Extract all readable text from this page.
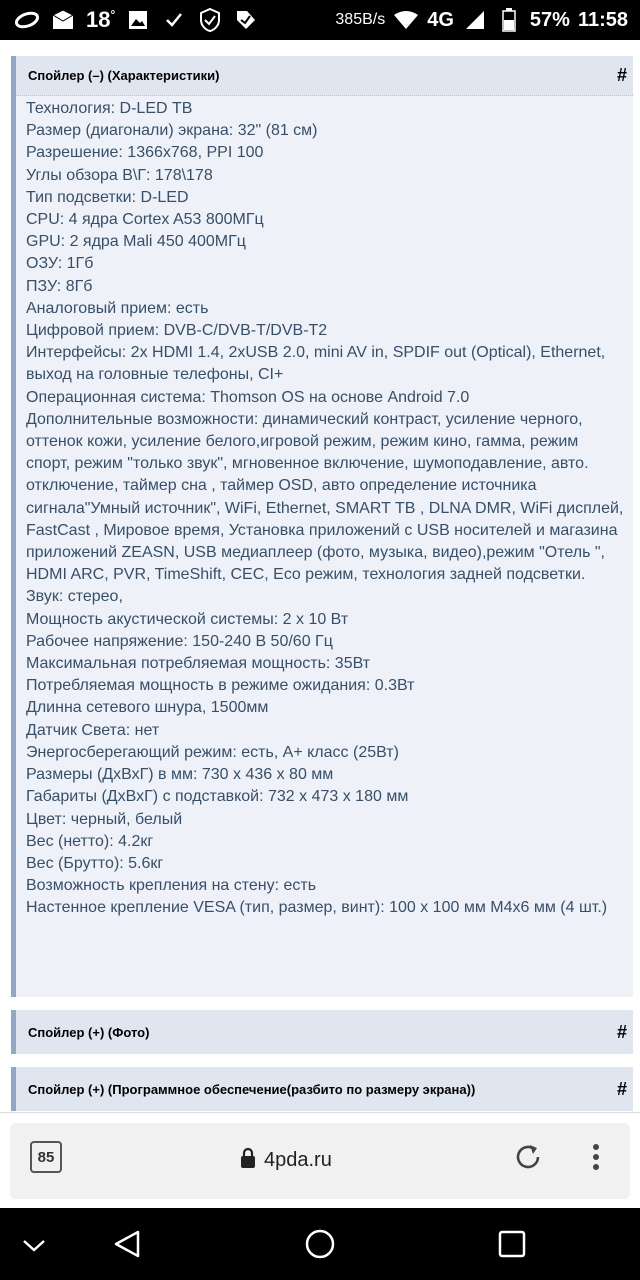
18°	385B/s 4G	57% 11:58
Спойлер (–) (Характеристики)	#

Технология: D-LED ТВ

Размер (диагонали) экрана: 32" (81 см)

Разрешение: 1366x768, PPI 100

Углы обзора В\Г: 178\178

Тип подсветки: D-LED

CPU: 4 ядра Cortex A53 800МГц

GPU: 2 ядра Mali 450 400МГц

ОЗУ: 1Гб

ПЗУ: 8Гб

Аналоговый прием: есть

Цифровой прием: DVB-C/DVB-T/DVB-T2

Интерфейсы: 2х HDMI 1.4, 2xUSB 2.0, mini AV in, SPDIF out (Optical), Ethernet, выход на головные телефоны, CI+

Операционная система: Thomson OS на основе Android 7.0

Дополнительные возможности: динамический контраст, усиление черного, оттенок кожи, усиление белого,игровой режим, режим кино, гамма, режим спорт, режим "только звук", мгновенное включение, шумоподавление, авто. отключение, таймер сна , таймер OSD, авто определение источника сигнала"Умный источник", WiFi, Ethernet, SMART ТВ , DLNA DMR, WiFi дисплей, FastCast , Мировое время, Установка приложений с USB носителей и магазина приложений ZEASN, USB медиаплеер (фото, музыка, видео),режим "Отель ", HDMI ARC, PVR, TimeShift, CEC, Eco режим, технология задней подсветки.

Звук: стерео,

Мощность акустической системы: 2 x 10 Вт

Рабочее напряжение: 150-240 В 50/60 Гц

Максимальная потребляемая мощность: 35Вт

Потребляемая мощность в режиме ожидания: 0.3Вт

Длинна сетевого шнура, 1500мм

Датчик Света: нет

Энергосберегающий режим: есть, А+ класс (25Вт)

Размеры (ДхВхГ) в мм: 730 x 436 x 80 мм

Габариты (ДхВхГ) с подставкой: 732 x 473 x 180 мм

Цвет: черный, белый

Вес (нетто): 4.2кг

Вес (Брутто): 5.6кг

Возможность крепления на стену: есть

Настенное крепление VESA (тип, размер, винт): 100 x 100 мм M4x6 мм (4 шт.)

Спойлер (+) (Фото)	#
Спойлер (+) (Программное обеспечение(разбито по размеру экрана))	#
85	4pda.ru
